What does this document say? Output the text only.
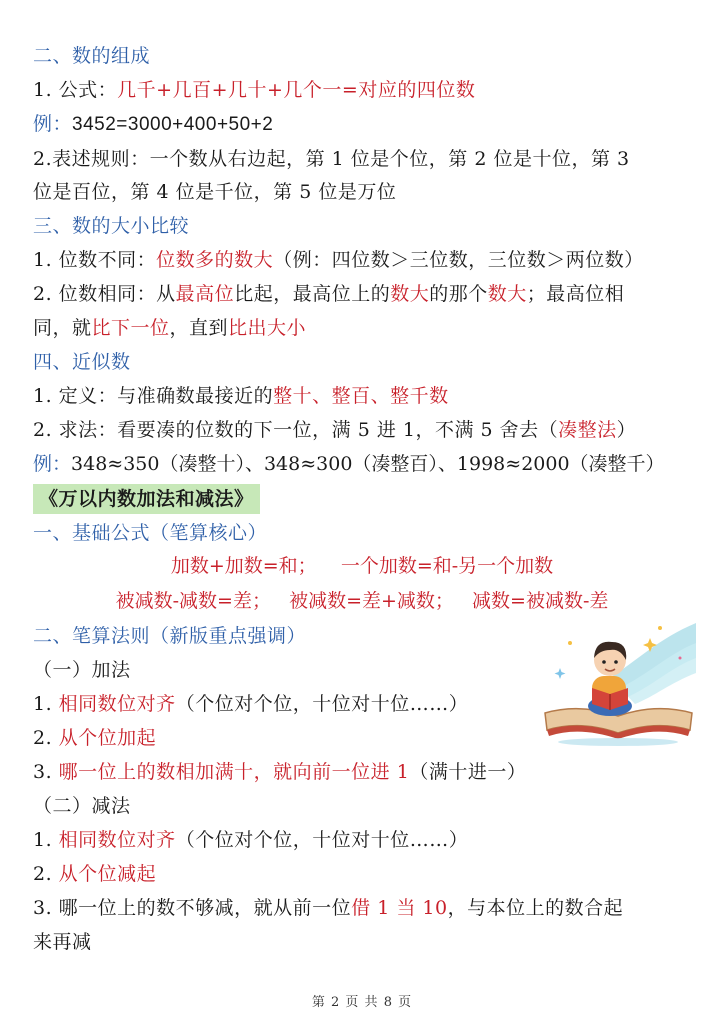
二、数的组成
1. 公式：几千+几百+几十+几个一=对应的四位数
例：3452=3000+400+50+2
2.表述规则：一个数从右边起，第 1 位是个位，第 2 位是十位，第 3
位是百位，第 4 位是千位，第 5 位是万位
三、数的大小比较
1. 位数不同：位数多的数大（例：四位数＞三位数，三位数＞两位数）
2. 位数相同：从最高位比起，最高位上的数大的那个数大；最高位相
同，就比下一位，直到比出大小
四、近似数
1. 定义：与准确数最接近的整十、整百、整千数
2. 求法：看要凑的位数的下一位，满 5 进 1，不满 5 舍去（凑整法）
例：348≈350（凑整十）、348≈300（凑整百）、1998≈2000（凑整千）
《万以内数加法和减法》
一、基础公式（笔算核心）
加数+加数=和；    一个加数=和-另一个加数
被减数-减数=差；   被减数=差+减数；   减数=被减数-差
二、笔算法则（新版重点强调）
（一）加法
1. 相同数位对齐（个位对个位，十位对十位……）
2. 从个位加起
3. 哪一位上的数相加满十，就向前一位进 1（满十进一）
（二）减法
1. 相同数位对齐（个位对个位，十位对十位……）
2. 从个位减起
3. 哪一位上的数不够减，就从前一位借 1 当 10，与本位上的数合起
来再减
第 2 页 共 8 页
